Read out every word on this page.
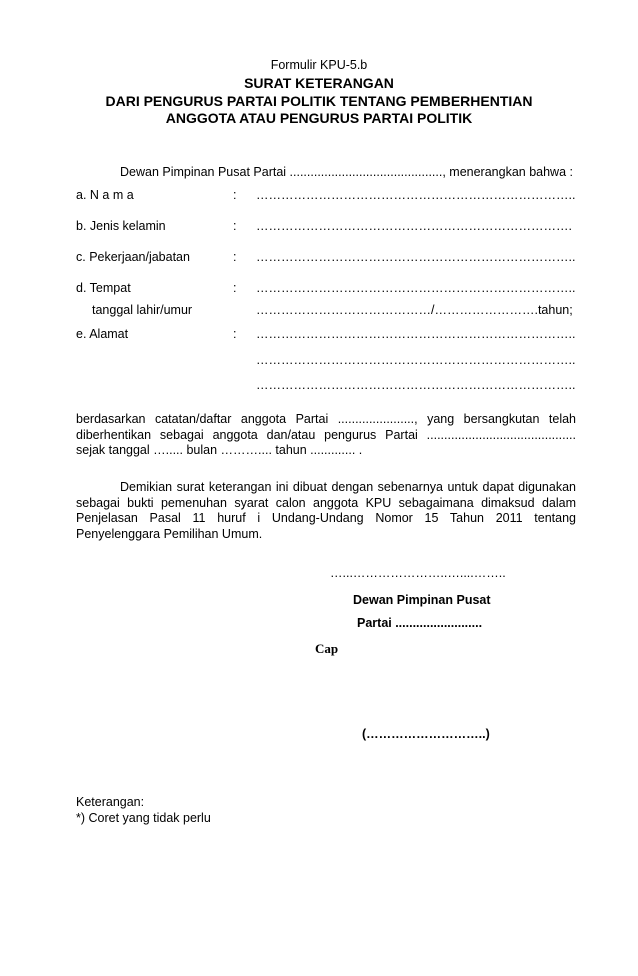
Formulir KPU-5.b
SURAT KETERANGAN
DARI PENGURUS PARTAI POLITIK TENTANG PEMBERHENTIAN
ANGGOTA ATAU PENGURUS PARTAI POLITIK
Dewan Pimpinan Pusat Partai ............................................, menerangkan bahwa :
a. N a m a	: …………………………………………………………………..
b. Jenis kelamin	: ………………………………………………………………….
c. Pekerjaan/jabatan	: …………………………………………………………………..
d. Tempat	: …………………………………………………………………..
tanggal lahir/umur	……………………………………/…………………….tahun;
e. Alamat	: …………………………………………………………………..
…………………………………………………………………..
…………………………………………………………………..
berdasarkan catatan/daftar anggota Partai ......................, yang bersangkutan telah
diberhentikan sebagai anggota dan/atau pengurus Partai ...........................................
sejak tanggal …..... bulan ……….... tahun ............. .
Demikian surat keterangan ini dibuat dengan sebenarnya untuk dapat digunakan
sebagai bukti pemenuhan syarat calon anggota KPU sebagaimana dimaksud dalam
Penjelasan Pasal 11 huruf i Undang-Undang Nomor 15 Tahun 2011 tentang
Penyelenggara Pemilihan Umum.
…...…………………..…....……..
Dewan Pimpinan Pusat
Partai .........................
Cap
(………………………..)
Keterangan:
*) Coret yang tidak perlu
